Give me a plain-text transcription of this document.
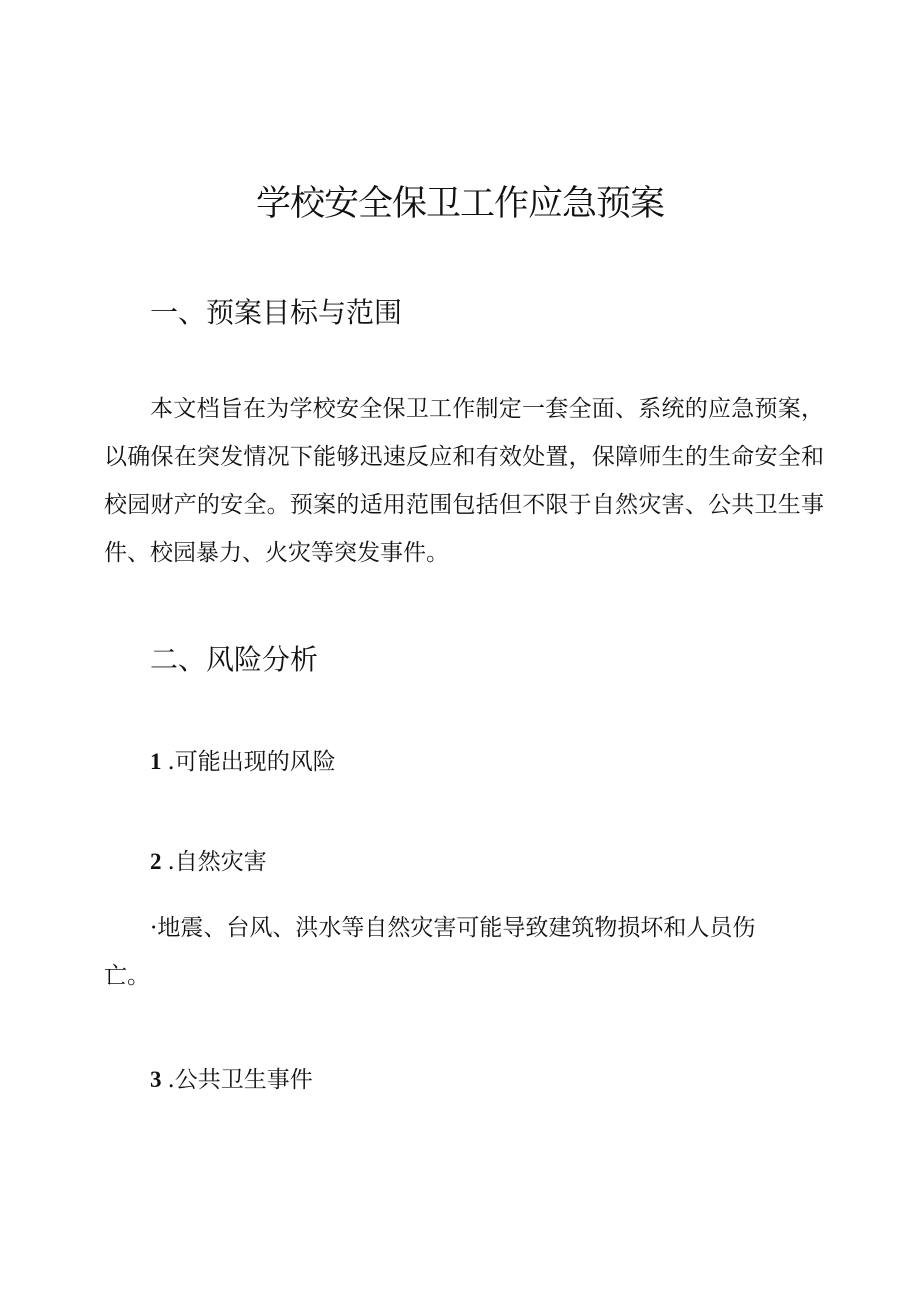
学校安全保卫工作应急预案
一、预案目标与范围
本文档旨在为学校安全保卫工作制定一套全面、系统的应急预案，以确保在突发情况下能够迅速反应和有效处置，保障师生的生命安全和校园财产的安全。预案的适用范围包括但不限于自然灾害、公共卫生事件、校园暴力、火灾等突发事件。
二、风险分析
1 .可能出现的风险
2 .自然灾害
·地震、台风、洪水等自然灾害可能导致建筑物损坏和人员伤亡。
3 .公共卫生事件
